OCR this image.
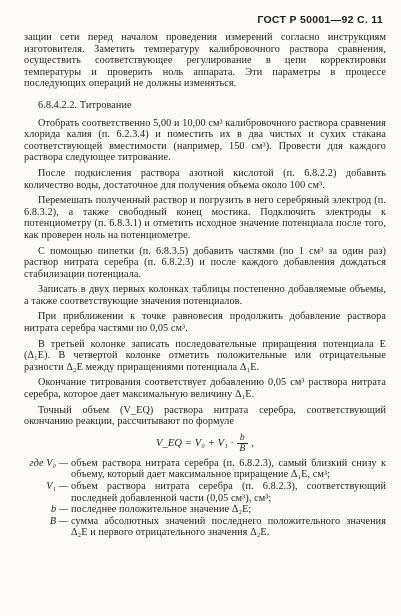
ГОСТ Р 50001—92 С. 11

защии сети перед началом проведения измерений согласно инструкциям изготовителя. Заметить температуру калибровочного раствора сравнения, осуществить соответствующее регулирование в цепи корректировки температуры и проверить ноль аппарата. Эти параметры в процессе последующих операций не должны изменяться.

6.8.4.2.2. Титрование

Отобрать соответственно 5,00 и 10,00 см³ калибровочного раствора сравнения хлорида калия (п. 6.2.3.4) и поместить их в два чистых и сухих стакана соответствующей вместимости (например, 150 см³). Провести для каждого раствора следующее титрование.

После подкисления раствора азотной кислотой (п. 6.8.2.2) добавить количество воды, достаточное для получения объема около 100 см³.

Перемешать полученный раствор и погрузить в него серебряный электрод (п. 6.8.3.2), а также свободный конец мостика. Подключить электроды к потенциометру (п. 6.8.3.1) и отметить исходное значение потенциала после того, как проверен ноль на потенциометре.

С помощью пипетки (п. 6.8.3.5) добавить частями (по 1 см³ за один раз) раствор нитрата серебра (п. 6.8.2.3) и после каждого добавления дождаться стабилизации потенциала.

Записать в двух первых колонках таблицы постепенно добавляемые объемы, а также соответствующие значения потенциалов.

При приближении к точке равновесия продолжить добавление раствора нитрата серебра частями по 0,05 см³.

В третьей колонке записать последовательные приращения потенциала E (Δ₁E). В четвертой колонке отметить положительные или отрицательные разности Δ₂E между приращениями потенциала Δ₁E.

Окончание титрования соответствует добавлению 0,05 см³ раствора нитрата серебра, которое дает максимальную величину Δ₁E.

Точный объем (V_EQ) раствора нитрата серебра, соответствующий окончанию реакции, рассчитывают по формуле

V_EQ = $V_0 + V_1 \cdot \frac{b}{B}$ ,

где V₀ — объем раствора нитрата серебра (п. 6.8.2.3), самый близкий снизу к объему, который дает максимальное приращение Δ₁E, см³;
V₁ — объем раствора нитрата серебра (п. 6.8.2.3), соответствующий последней добавленной части (0,05 см³), см³;
b — последнее положительное значение Δ₂E;
B — сумма абсолютных значений последнего положительного значения Δ₂E и первого отрицательного значения Δ₂E.
